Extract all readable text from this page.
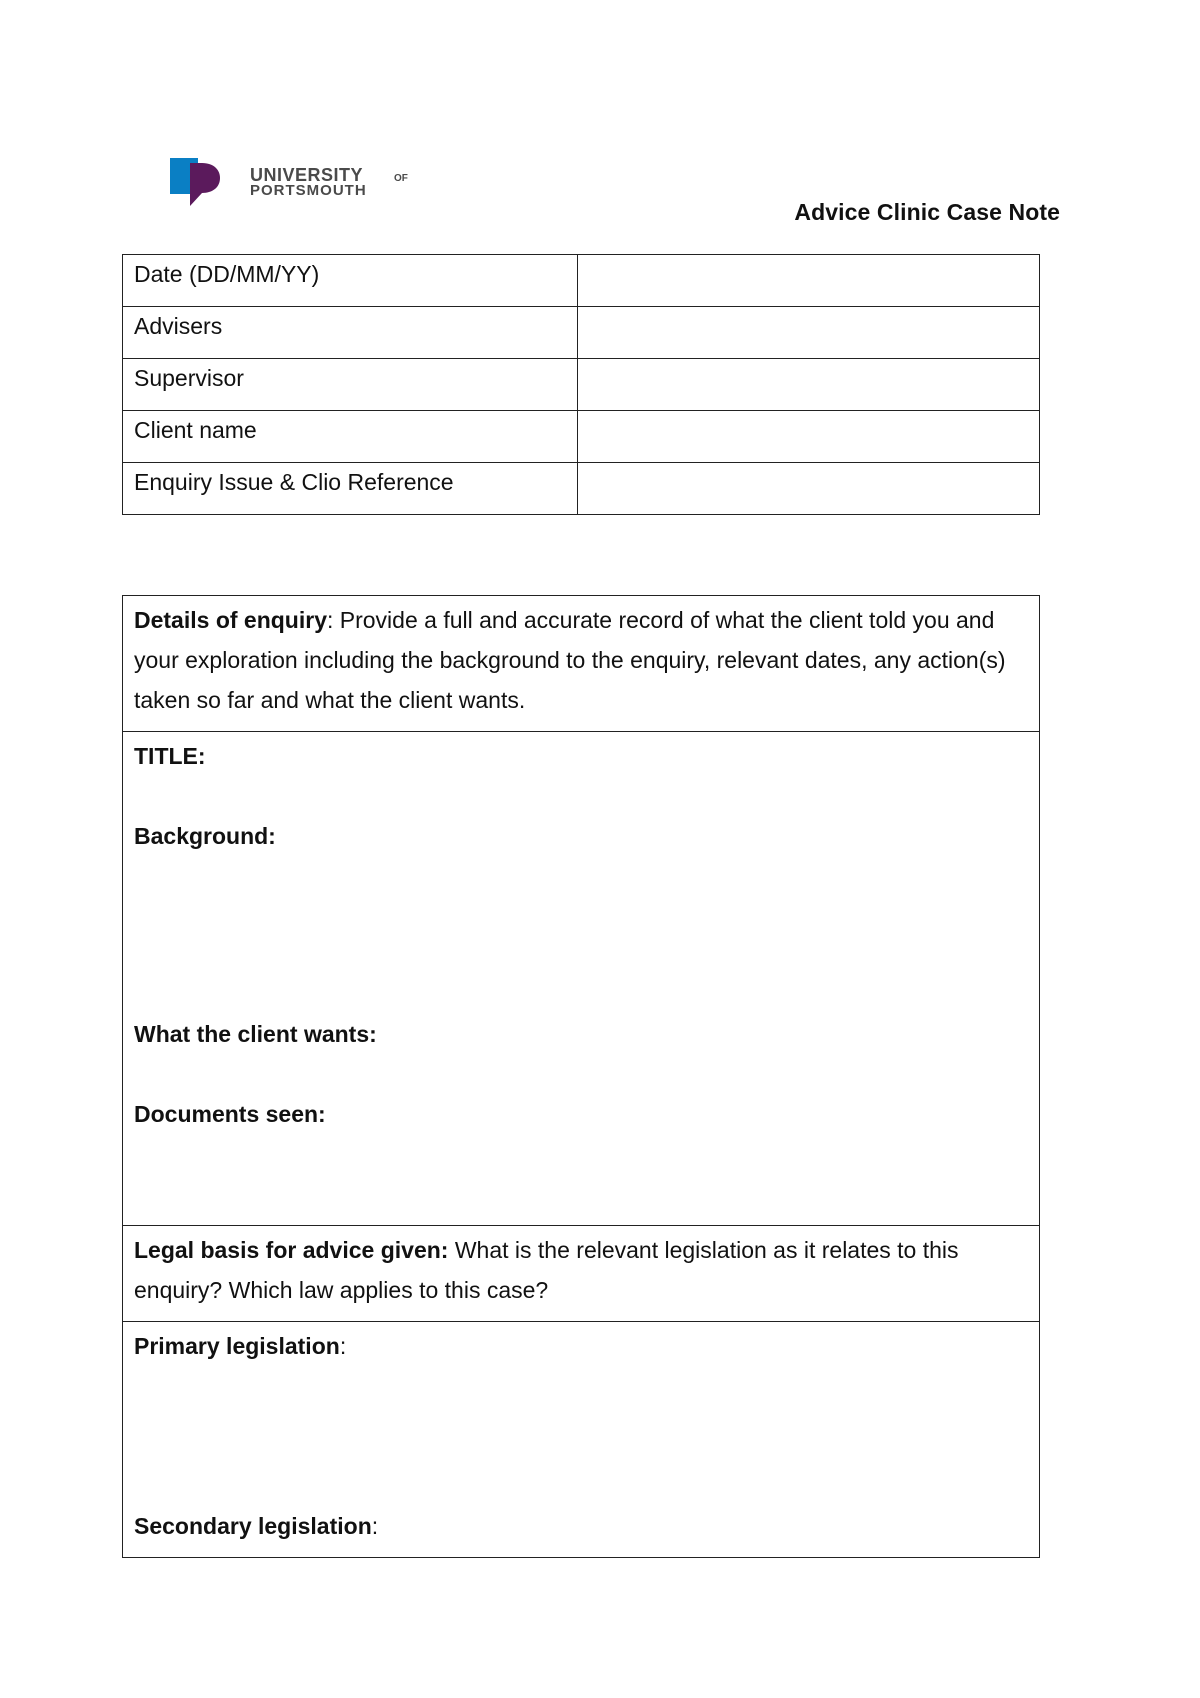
UNIVERSITY	OF
PORTSMOUTH
Advice Clinic Case Note
Date (DD/MM/YY)	
Advisers	
Supervisor	
Client name	
Enquiry Issue & Clio Reference	
Details of enquiry: Provide a full and accurate record of what the client told you and your exploration including the background to the enquiry, relevant dates, any action(s) taken so far and what the client wants.

TITLE:
Background:
What the client wants:
Documents seen:

Legal basis for advice given: What is the relevant legislation as it relates to this enquiry? Which law applies to this case?

Primary legislation:
Secondary legislation:
